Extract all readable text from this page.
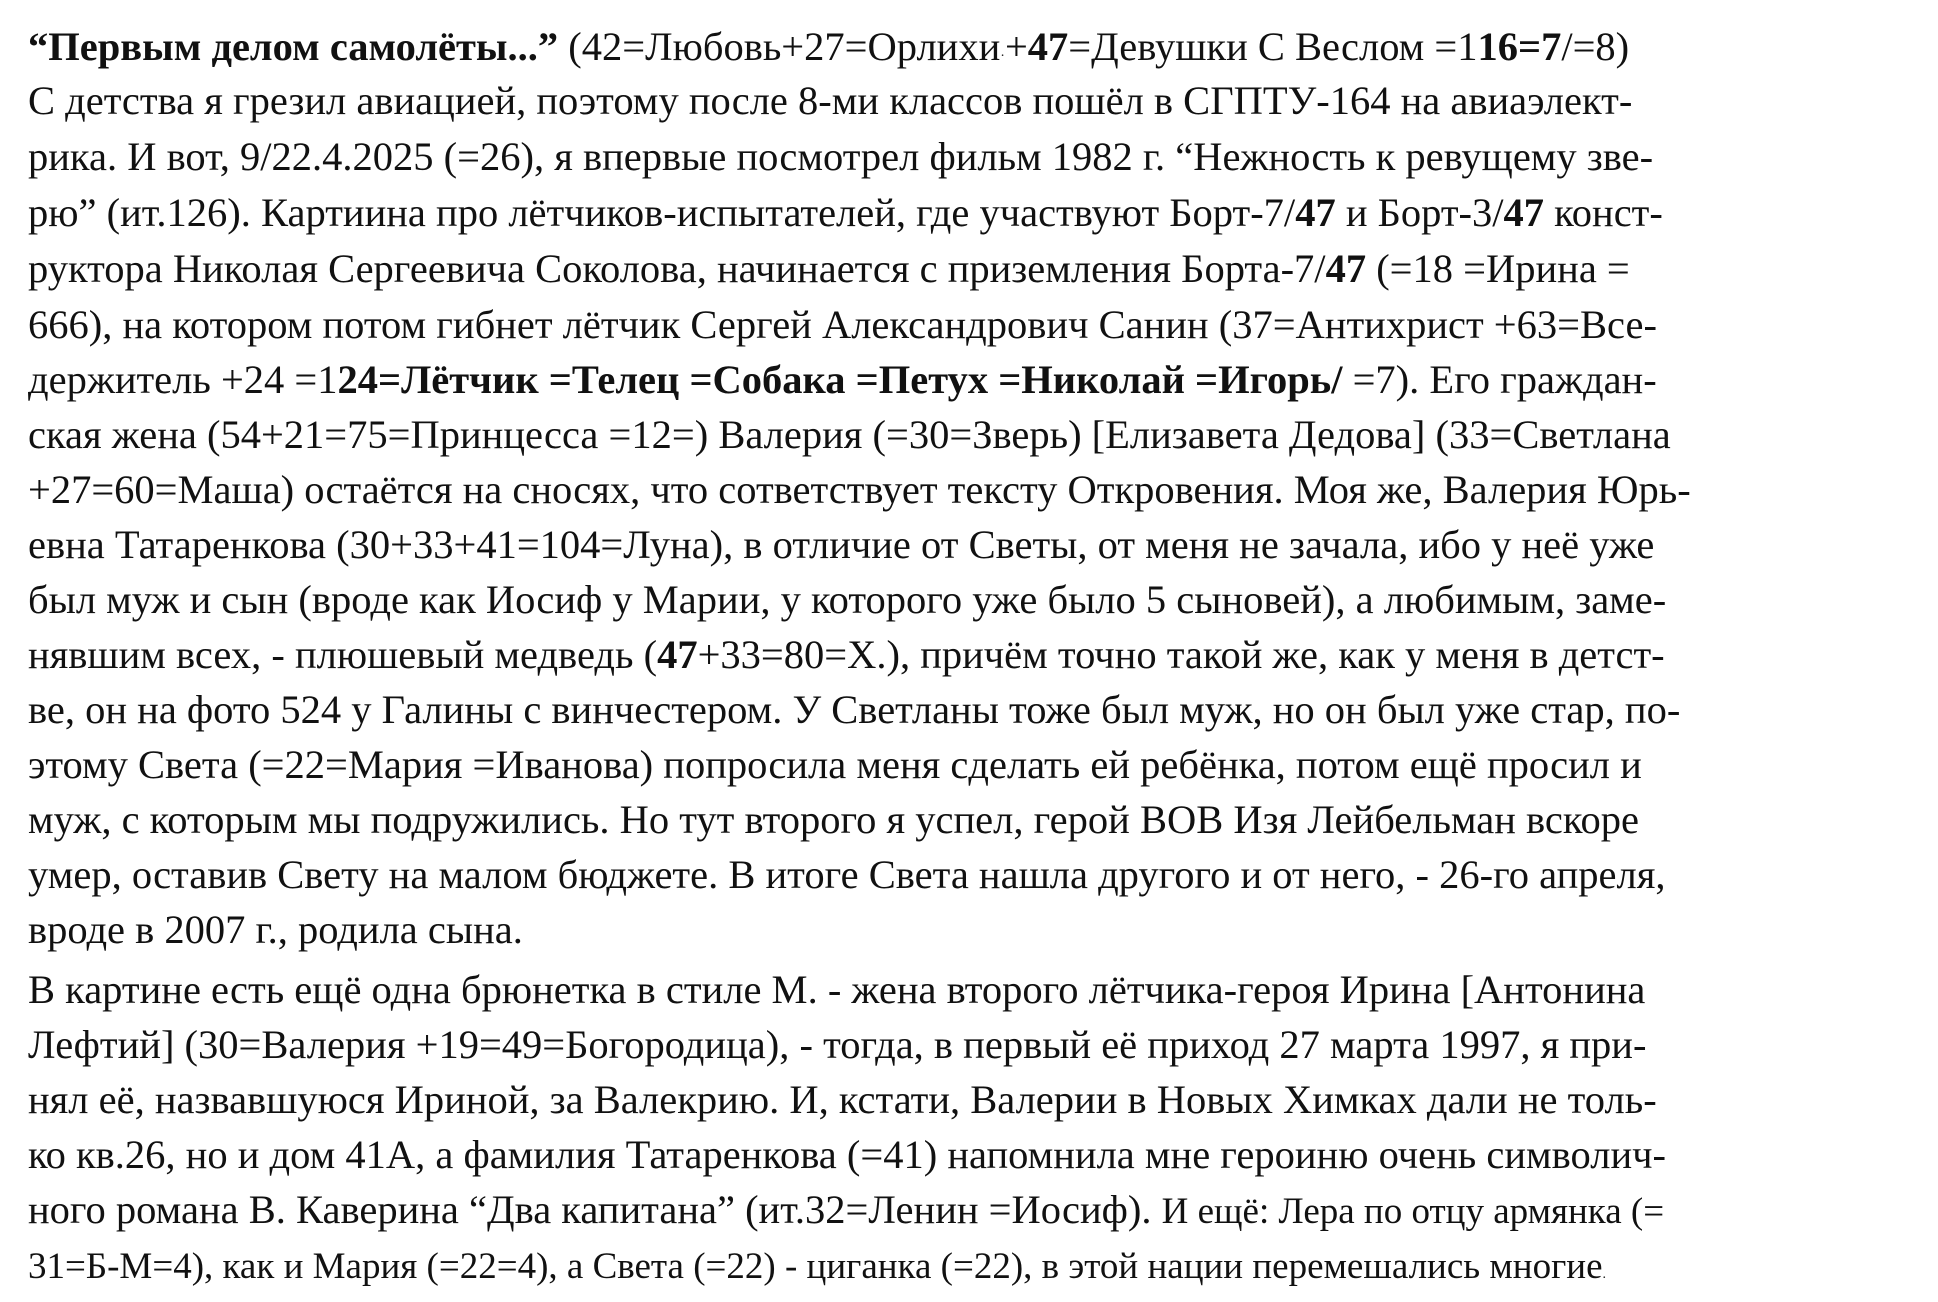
“Первым делом самолёты...” (42=Любовь+27=Орлихи·+47=Девушки С Веслом =116=7/=8)
С детства я грезил авиацией, поэтому после 8-ми классов пошёл в СГПТУ-164 на авиаэлект-
рика. И вот, 9/22.4.2025 (=26), я впервые посмотрел фильм 1982 г. “Нежность к ревущему зве-
рю” (ит.126). Картиина про лётчиков-испытателей, где участвуют Борт-7/47 и Борт-3/47 конст-
руктора Николая Сергеевича Соколова, начинается с приземления Борта-7/47 (=18 =Ирина =
666), на котором потом гибнет лётчик Сергей Александрович Санин (37=Антихрист +63=Все-
держитель +24 =124=Лётчик =Телец =Собака =Петух =Николай =Игорь/ =7). Его граждан-
ская жена (54+21=75=Принцесса =12=) Валерия (=30=Зверь) [Елизавета Дедова] (33=Светлана
+27=60=Маша) остаётся на сносях, что сответствует тексту Откровения. Моя же, Валерия Юрь-
евна Татаренкова (30+33+41=104=Луна), в отличие от Светы, от меня не зачала, ибо у неё уже
был муж и сын (вроде как Иосиф у Марии, у которого уже было 5 сыновей), а любимым, заме-
нявшим всех, - плюшевый медведь (47+33=80=Х.), причём точно такой же, как у меня в детст-
ве, он на фото 524 у Галины с винчестером. У Светланы тоже был муж, но он был уже стар, по-
этому Света (=22=Мария =Иванова) попросила меня сделать ей ребёнка, потом ещё просил и
муж, с которым мы подружились. Но тут второго я успел, герой ВОВ Изя Лейбельман вскоре
умер, оставив Свету на малом бюджете. В итоге Света нашла другого и от него, - 26-го апреля,
вроде в 2007 г., родила сына.
В картине есть ещё одна брюнетка в стиле М. - жена второго лётчика-героя Ирина [Антонина
Лефтий] (30=Валерия +19=49=Богородица), - тогда, в первый её приход 27 марта 1997, я при-
нял её, назвавшуюся Ириной, за Валекрию. И, кстати, Валерии в Новых Химках дали не толь-
ко кв.26, но и дом 41А, а фамилия Татаренкова (=41) напомнила мне героиню очень символич-
ного романа В. Каверина “Два капитана” (ит.32=Ленин =Иосиф). И ещё: Лера по отцу армянка (=
31=Б-М=4), как и Мария (=22=4), а Света (=22) - циганка (=22), в этой нации перемешались многие.
